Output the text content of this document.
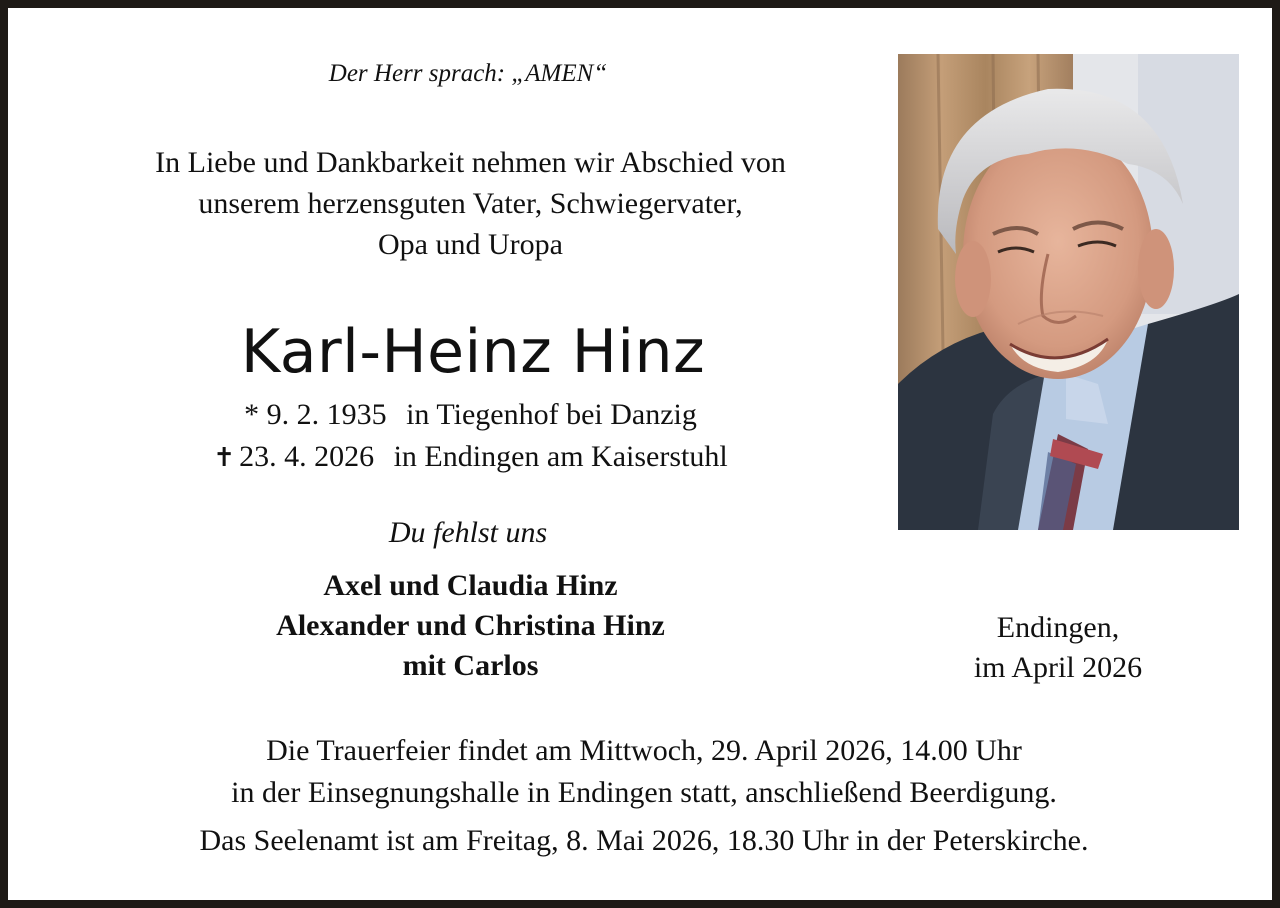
Der Herr sprach: „AMEN“
In Liebe und Dankbarkeit nehmen wir Abschied von
unserem herzensguten Vater, Schwiegervater,
Opa und Uropa
Karl-Heinz Hinz
* 9. 2. 1935 in Tiegenhof bei Danzig
✝ 23. 4. 2026 in Endingen am Kaiserstuhl
Du fehlst uns
Axel und Claudia Hinz
Alexander und Christina Hinz
mit Carlos
Endingen,
im April 2026
Die Trauerfeier findet am Mittwoch, 29. April 2026, 14.00 Uhr
in der Einsegnungshalle in Endingen statt, anschließend Beerdigung.
Das Seelenamt ist am Freitag, 8. Mai 2026, 18.30 Uhr in der Peterskirche.
